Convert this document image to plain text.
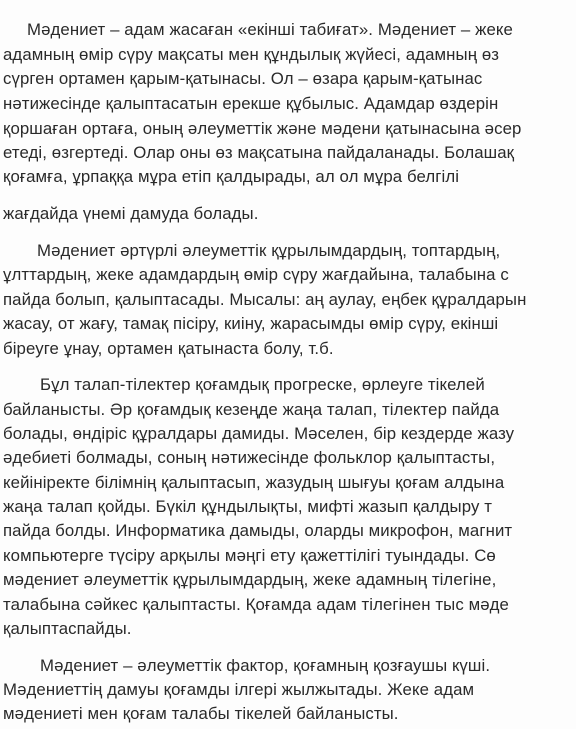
Мәдениет – адам жасаған «екінші табиғат». Мәдениет – жеке
адамның өмір сүру мақсаты мен құндылық жүйесі, адамның өз
сүрген ортамен қарым-қатынасы. Ол – өзара қарым-қатынас
нәтижесінде қалыптасатын ерекше құбылыс. Адамдар өздерін
қоршаған ортаға, оның әлеуметтік және мәдени қатынасына әсер
етеді, өзгертеді. Олар оны өз мақсатына пайдаланады. Болашақ
қоғамға, ұрпаққа мұра етіп қалдырады, ал ол мұра белгілі
жағдайда үнемі дамуда болады.
Мәдениет әртүрлі әлеуметтік құрылымдардың, топтардың,
ұлттардың, жеке адамдардың өмір сүру жағдайына, талабына с
пайда болып, қалыптасады. Мысалы: аң аулау, еңбек құралдарын
жасау, от жағу, тамақ пісіру, киіну, жарасымды өмір сүру, екінші
біреуге ұнау, ортамен қатынаста болу, т.б.
Бұл талап-тілектер қоғамдық прогреске, өрлеуге тікелей
байланысты. Әр қоғамдық кезеңде жаңа талап, тілектер пайда
болады, өндіріс құралдары дамиды. Мәселен, бір кездерде жазу
әдебиеті болмады, соның нәтижесінде фольклор қалыптасты,
кейініректе білімнің қалыптасып, жазудың шығуы қоғам алдына
жаңа талап қойды. Бүкіл құндылықты, мифті жазып қалдыру т
пайда болды. Информатика дамыды, оларды микрофон, магнит
компьютерге түсіру арқылы мәңгі ету қажеттілігі туындады. Сө
мәдениет әлеуметтік құрылымдардың, жеке адамның тілегіне,
талабына сәйкес қалыптасты. Қоғамда адам тілегінен тыс мәде
қалыптаспайды.
Мәдениет – әлеуметтік фактор, қоғамның қозғаушы күші.
Мәдениеттің дамуы қоғамды ілгері жылжытады. Жеке адам
мәдениеті мен қоғам талабы тікелей байланысты.
